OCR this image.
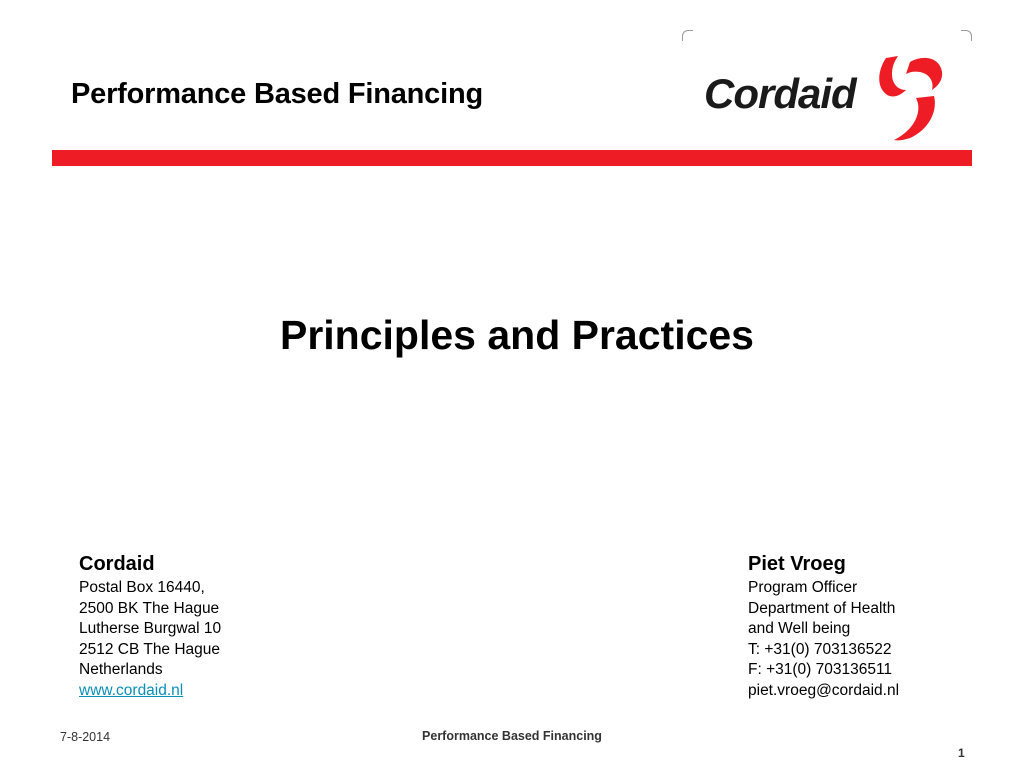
Performance Based Financing	Cordaid
Principles and Practices
Cordaid
Postal Box 16440,
2500 BK The Hague
Lutherse Burgwal 10
2512 CB The Hague
Netherlands
www.cordaid.nl
Piet Vroeg
Program Officer
Department of Health
and Well being
T: +31(0) 703136522
F: +31(0) 703136511
piet.vroeg@cordaid.nl
7-8-2014	Performance Based Financing
1
